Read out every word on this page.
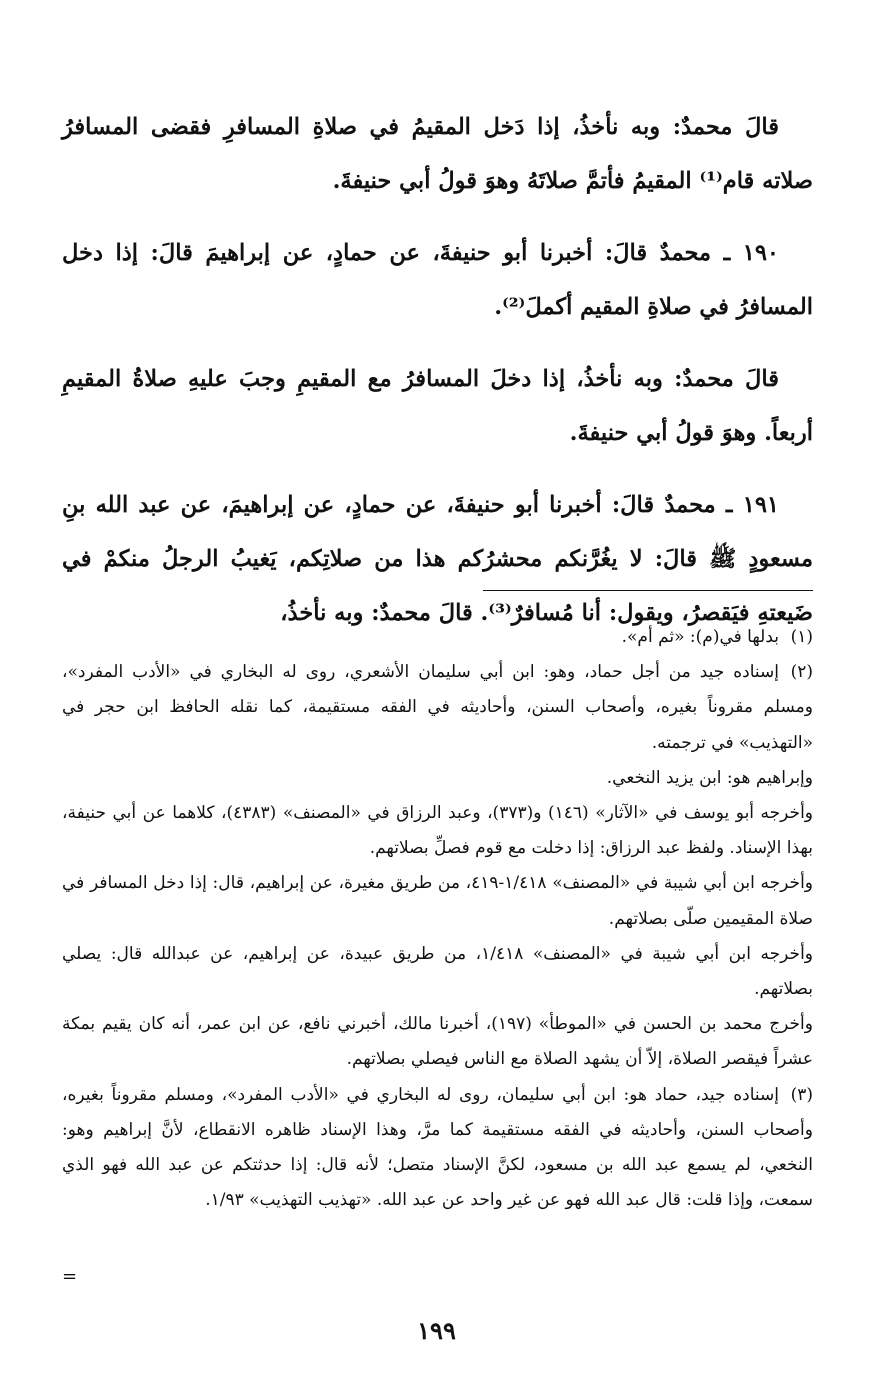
قالَ محمدٌ: وبه نأخذُ، إذا دَخل المقيمُ في صلاةِ المسافرِ فقضى المسافرُ صلاته قام⁽¹⁾ المقيمُ فأتمَّ صلاتَهُ وهوَ قولُ أبي حنيفةَ.

١٩٠ ـ محمدٌ قالَ: أخبرنا أبو حنيفةَ، عن حمادٍ، عن إبراهيمَ قالَ: إذا دخل المسافرُ في صلاةِ المقيم أكملَ⁽²⁾.

قالَ محمدٌ: وبه نأخذُ، إذا دخلَ المسافرُ مع المقيمِ وجبَ عليهِ صلاةُ المقيمِ أربعاً. وهوَ قولُ أبي حنيفةَ.

١٩١ ـ محمدٌ قالَ: أخبرنا أبو حنيفةَ، عن حمادٍ، عن إبراهيمَ، عن عبد الله بنِ مسعودٍ ﷺ قالَ: لا يغُرَّنكم محشرُكم هذا من صلاتِكم، يَغيبُ الرجلُ منكمْ في ضَيعتهِ فيَقصرُ، ويقول: أنا مُسافرٌ⁽³⁾. قالَ محمدٌ: وبه نأخذُ،

(١)بدلها في(م): «ثم أم».

(٢)إسناده جيد من أجل حماد، وهو: ابن أبي سليمان الأشعري، روى له البخاري في «الأدب المفرد»، ومسلم مقروناً بغيره، وأصحاب السنن، وأحاديثه في الفقه مستقيمة، كما نقله الحافظ ابن حجر في «التهذيب» في ترجمته.

وإبراهيم هو: ابن يزيد النخعي.

وأخرجه أبو يوسف في «الآثار» (١٤٦) و(٣٧٣)، وعبد الرزاق في «المصنف» (٤٣٨٣)، كلاهما عن أبي حنيفة، بهذا الإسناد. ولفظ عبد الرزاق: إذا دخلت مع قوم فصلِّ بصلاتهم.

وأخرجه ابن أبي شيبة في «المصنف» ١/٤١٨-٤١٩، من طريق مغيرة، عن إبراهيم، قال: إذا دخل المسافر في صلاة المقيمين صلّى بصلاتهم.

وأخرجه ابن أبي شيبة في «المصنف» ١/٤١٨، من طريق عبيدة، عن إبراهيم، عن عبدالله قال: يصلي بصلاتهم.

وأخرج محمد بن الحسن في «الموطأ» (١٩٧)، أخبرنا مالك، أخبرني نافع، عن ابن عمر، أنه كان يقيم بمكة عشراً فيقصر الصلاة، إلاّ أن يشهد الصلاة مع الناس فيصلي بصلاتهم.

(٣)إسناده جيد، حماد هو: ابن أبي سليمان، روى له البخاري في «الأدب المفرد»، ومسلم مقروناً بغيره، وأصحاب السنن، وأحاديثه في الفقه مستقيمة كما مرَّ، وهذا الإسناد ظاهره الانقطاع، لأنَّ إبراهيم وهو: النخعي، لم يسمع عبد الله بن مسعود، لكنَّ الإسناد متصل؛ لأنه قال: إذا حدثتكم عن عبد الله فهو الذي سمعت، وإذا قلت: قال عبد الله فهو عن غير واحد عن عبد الله. «تهذيب التهذيب» ١/٩٣.

=
١٩٩
